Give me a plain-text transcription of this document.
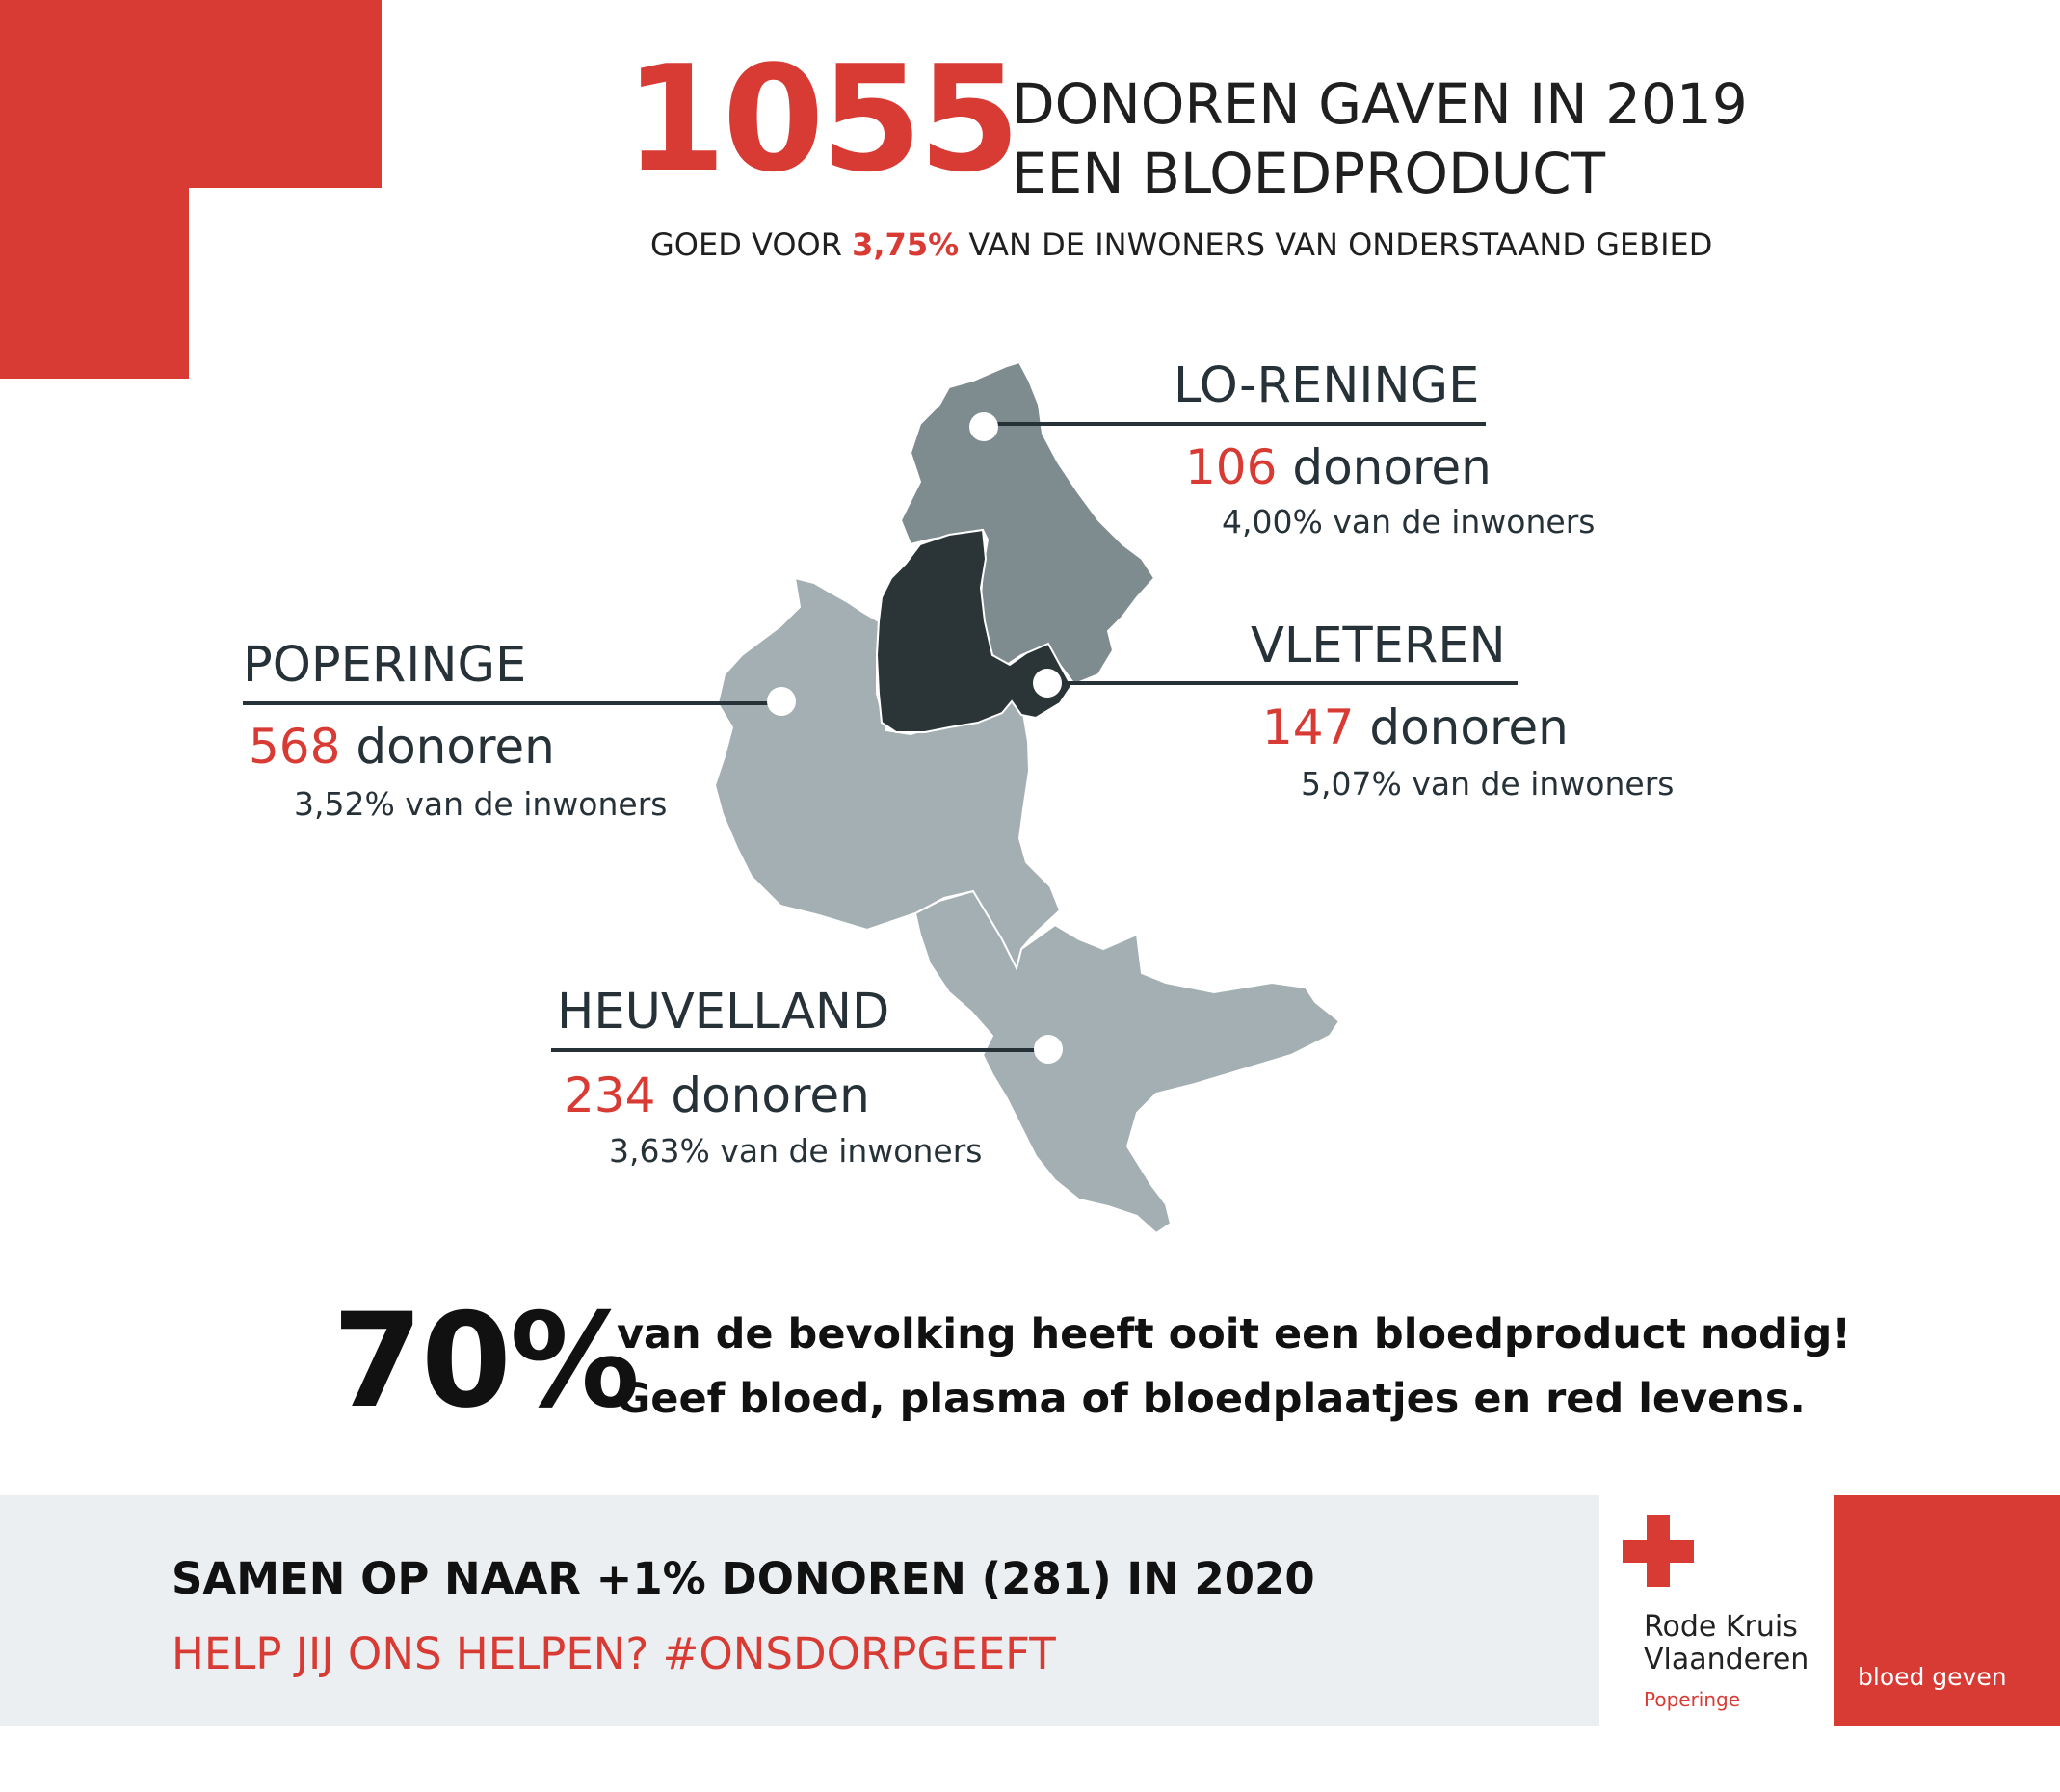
1055
DONOREN GAVEN IN 2019
EEN BLOEDPRODUCT
GOED VOOR 3,75% VAN DE INWONERS VAN ONDERSTAAND GEBIED
LO-RENINGE
106 donoren
4,00% van de inwoners
POPERINGE
568 donoren
3,52% van de inwoners
VLETEREN
147 donoren
5,07% van de inwoners
HEUVELLAND
234 donoren
3,63% van de inwoners
70%
van de bevolking heeft ooit een bloedproduct nodig!
Geef bloed, plasma of bloedplaatjes en red levens.
SAMEN OP NAAR +1% DONOREN (281) IN 2020
HELP JIJ ONS HELPEN? #ONSDORPGEEFT
Rode Kruis
Vlaanderen
Poperinge

bloed geven

doet leven
